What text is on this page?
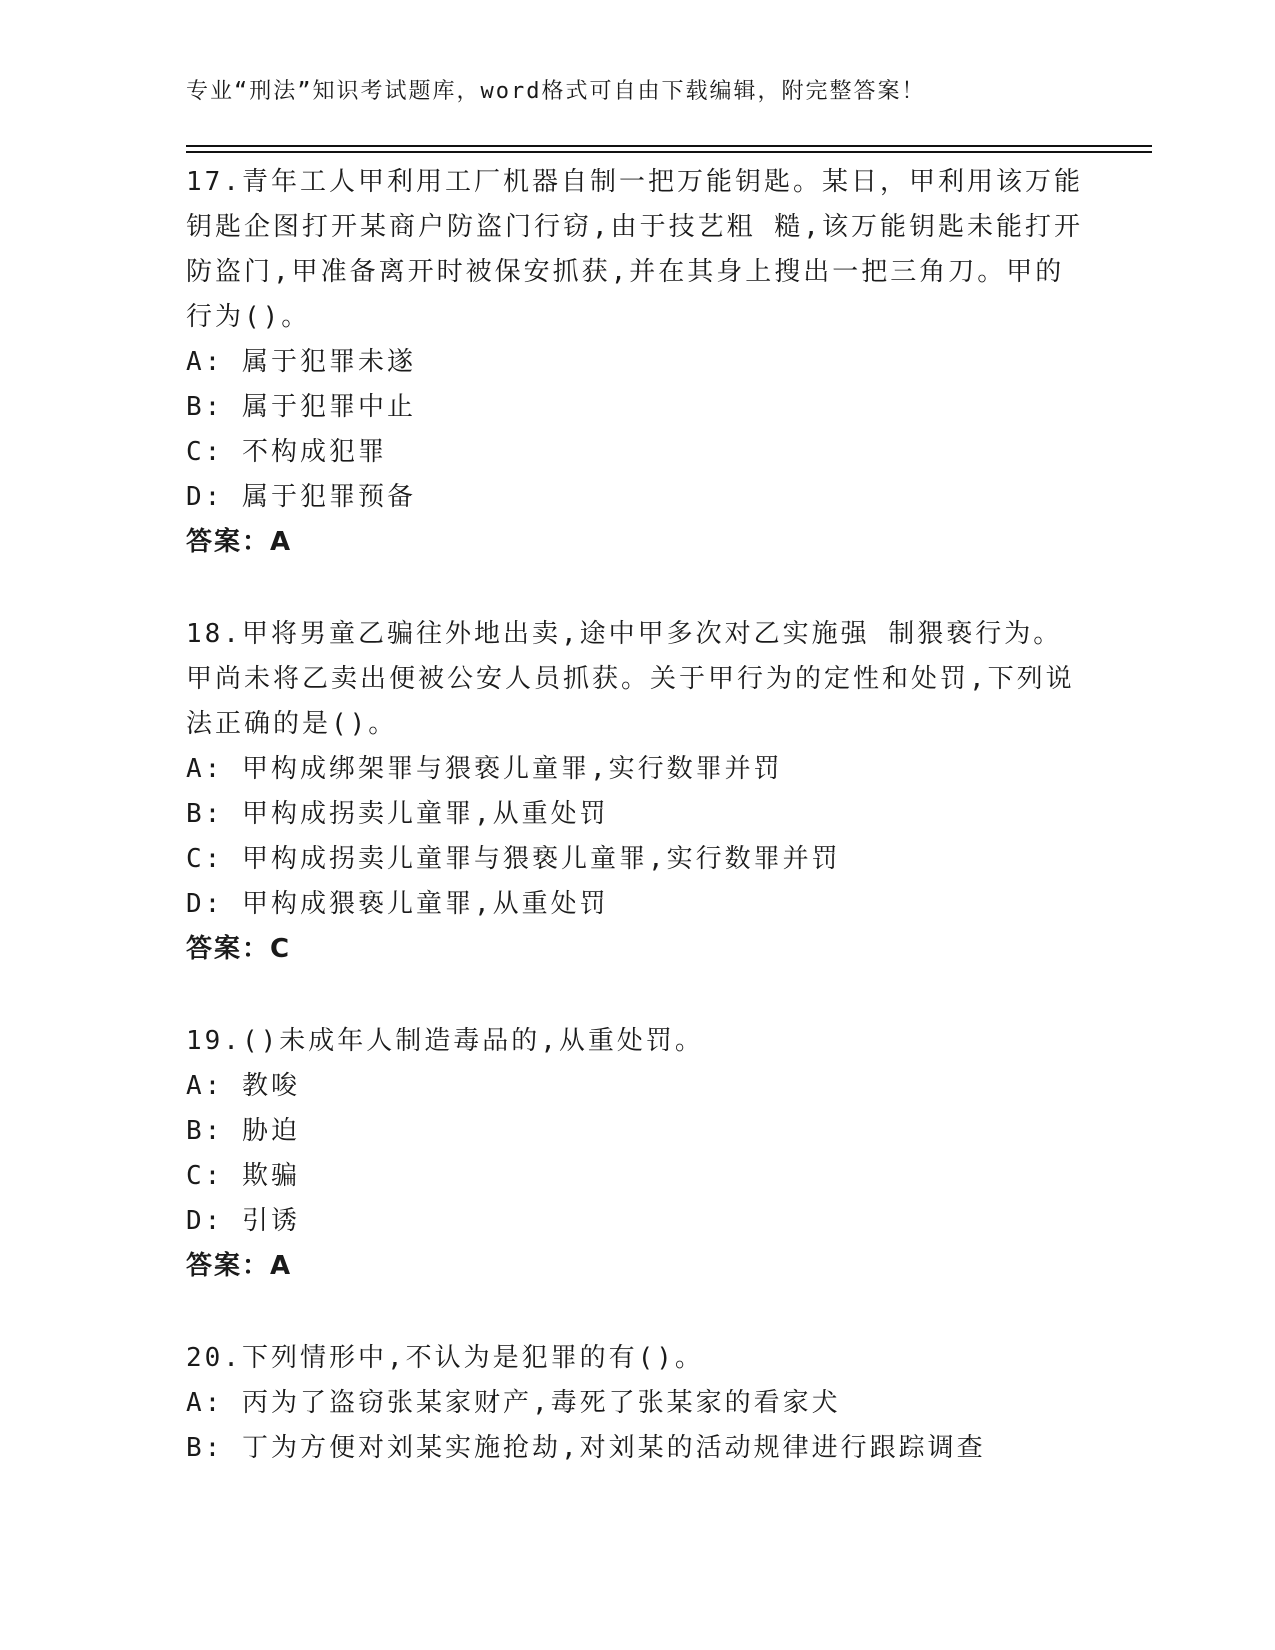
专业“刑法”知识考试题库，word格式可自由下载编辑，附完整答案！

17.青年工人甲利用工厂机器自制一把万能钥匙。某日，甲利用该万能钥匙企图打开某商户防盗门行窃,由于技艺粗 糙,该万能钥匙未能打开防盗门,甲准备离开时被保安抓获,并在其身上搜出一把三角刀。甲的行为()。

A: 属于犯罪未遂

B: 属于犯罪中止

C: 不构成犯罪

D: 属于犯罪预备

答案：A

18.甲将男童乙骗往外地出卖,途中甲多次对乙实施强 制猥亵行为。甲尚未将乙卖出便被公安人员抓获。关于甲行为的定性和处罚,下列说法正确的是()。

A: 甲构成绑架罪与猥亵儿童罪,实行数罪并罚

B: 甲构成拐卖儿童罪,从重处罚

C: 甲构成拐卖儿童罪与猥亵儿童罪,实行数罪并罚

D: 甲构成猥亵儿童罪,从重处罚

答案：C

19.()未成年人制造毒品的,从重处罚。

A: 教唆

B: 胁迫

C: 欺骗

D: 引诱

答案：A

20.下列情形中,不认为是犯罪的有()。

A: 丙为了盗窃张某家财产,毒死了张某家的看家犬

B: 丁为方便对刘某实施抢劫,对刘某的活动规律进行跟踪调查
